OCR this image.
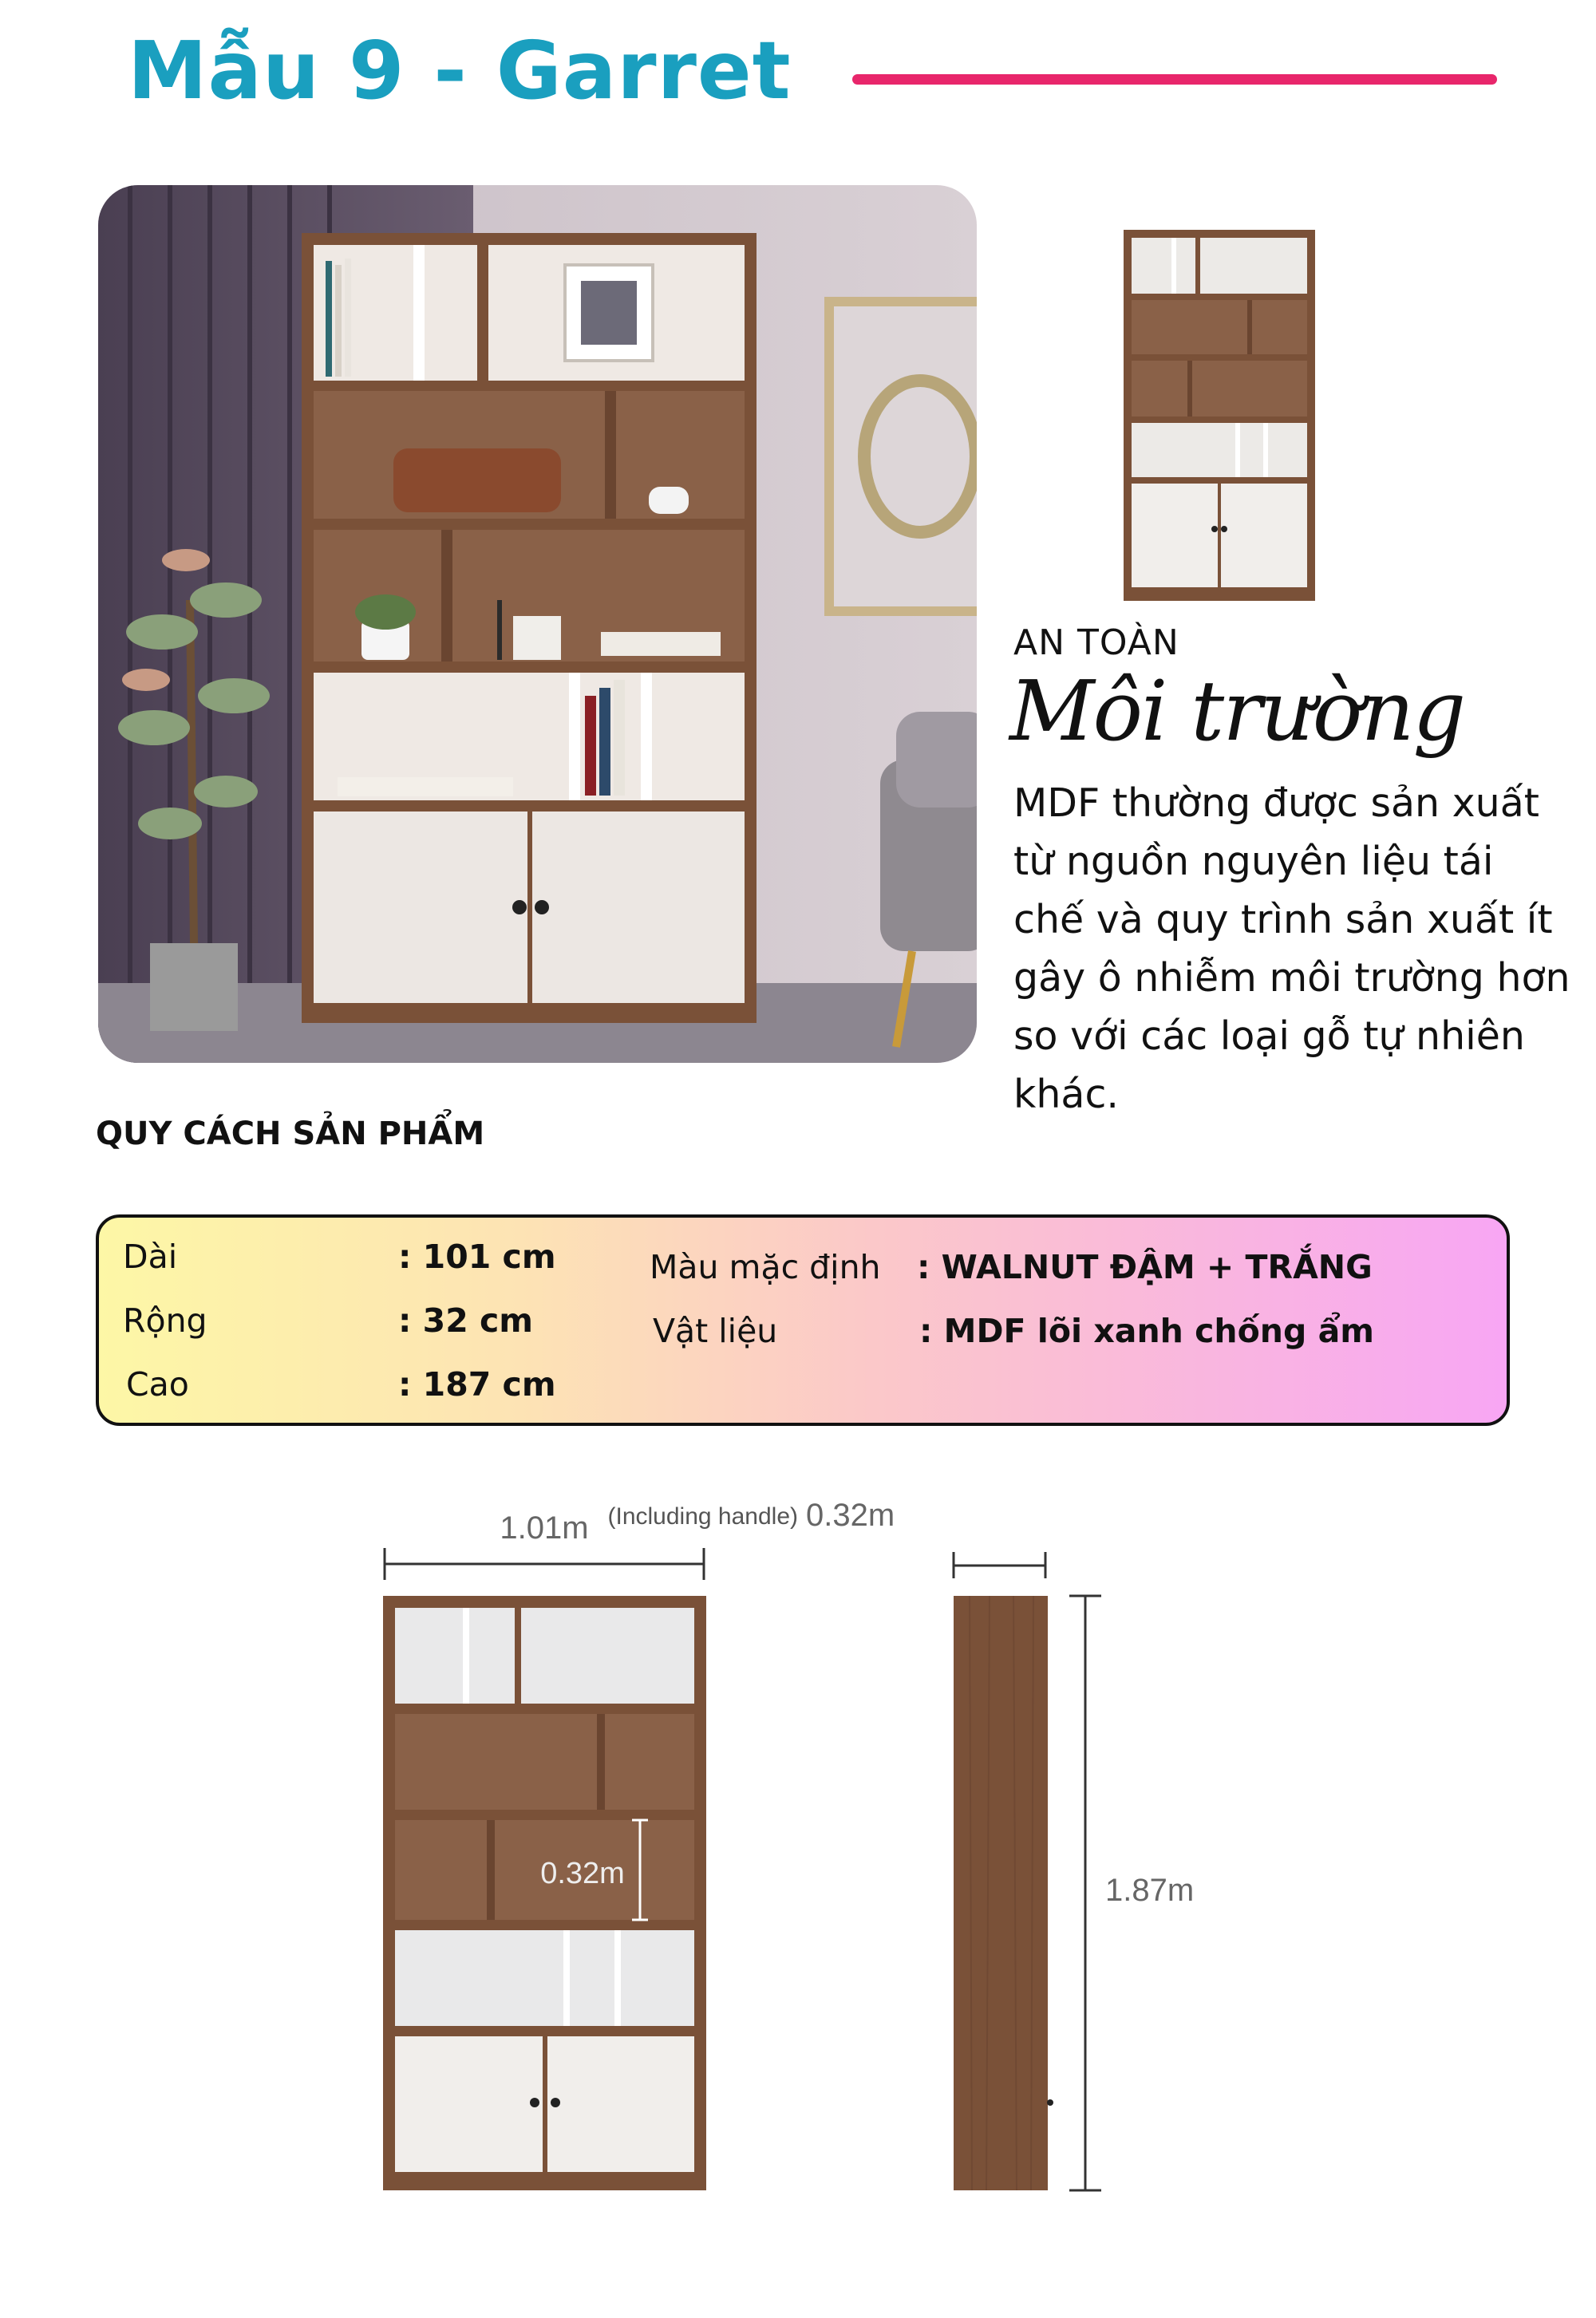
Mẫu 9 - Garret
AN TOÀN
Môi trường
MDF thường được sản xuất từ nguồn nguyên liệu tái chế và quy trình sản xuất ít gây ô nhiễm môi trường hơn so với các loại gỗ tự nhiên khác.
QUY CÁCH SẢN PHẨM
Dài	: 101 cm
Rộng	: 32 cm
Cao	: 187 cm
Màu mặc định : WALNUT ĐẬM + TRẮNG
Vật liệu	: MDF lõi xanh chống ẩm
1.01m
0.32m
(Including handle) 0.32m
1.87m
